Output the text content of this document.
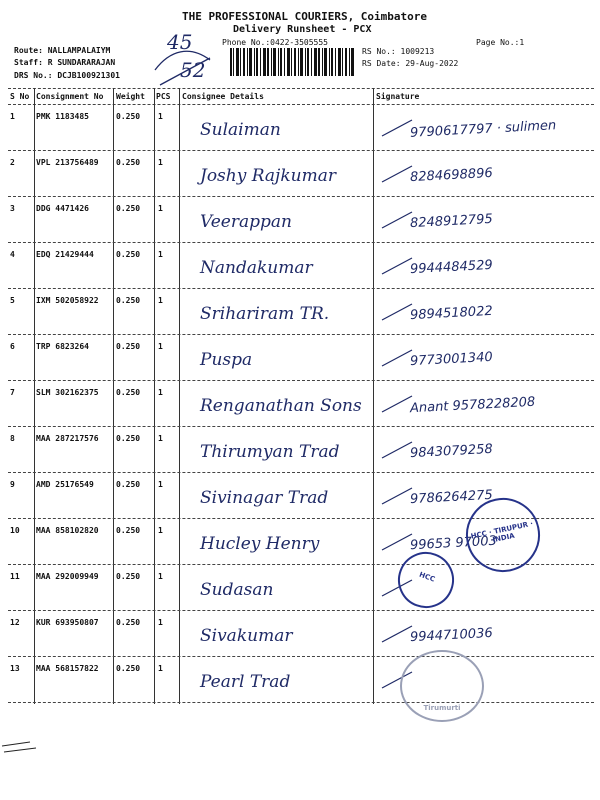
THE PROFESSIONAL COURIERS, Coimbatore
Delivery Runsheet - PCX
Phone No.:0422-3505555	Page No.:1
Route: NALLAMPALAIYM
Staff: R SUNDARARAJAN
DRS No.: DCJB100921301
RS No.: 1009213
RS Date: 29-Aug-2022
45
52
S No Consignment No Weight PCS Consignee Details	Signature
1	PMK 1183485	0.250 1
Sulaiman	9790617797 · sulimen
2	VPL 213756489 0.250 1
Joshy Rajkumar	8284698896
3	DDG 4471426	0.250 1
Veerappan	8248912795
4	EDQ 21429444	0.250 1
Nandakumar	9944484529
5	IXM 502058922 0.250 1
Srihariram TR.	9894518022
6	TRP 6823264	0.250 1
Puspa	9773001340
7	SLM 302162375 0.250 1
Renganathan Sons	Anant 9578228208
8	MAA 287217576 0.250 1
Thirumyan Trad	9843079258
9	AMD 25176549	0.250 1
Sivinagar Trad	9786264275
10 MAA 858102820 0.250 1
Hucley Henry	99653 97003
11 MAA 292009949 0.250 1
Sudasan
12 KUR 693950807 0.250 1
Sivakumar	9944710036
13 MAA 568157822 0.250 1
Pearl Trad
HCC · TIRUPUR · INDIA
HCC
Tirumurti
